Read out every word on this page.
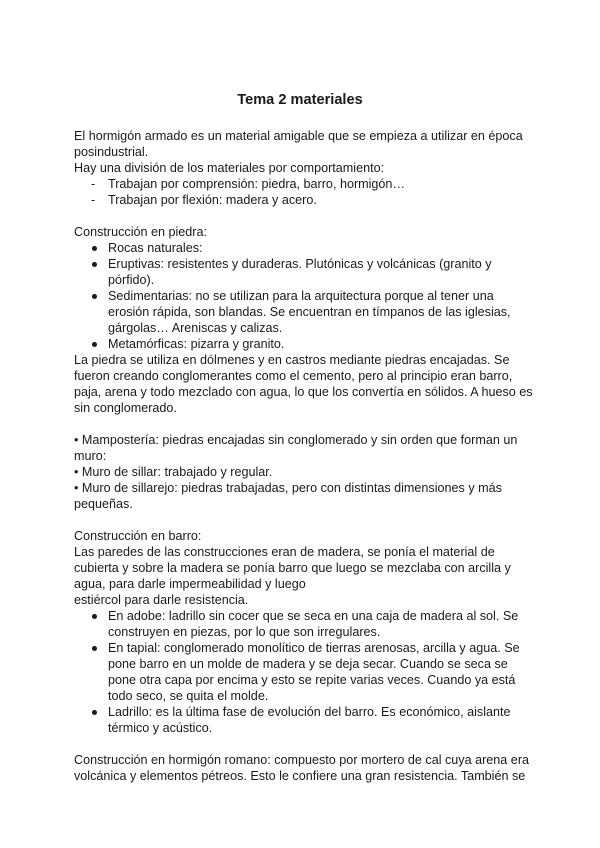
Tema 2 materiales

El hormigón armado es un material amigable que se empieza a utilizar en época posindustrial.

Hay una división de los materiales por comportamiento:

- Trabajan por comprensión: piedra, barro, hormigón…
- Trabajan por flexión: madera y acero.

Construcción en piedra:

Rocas naturales:
Eruptivas: resistentes y duraderas. Plutónicas y volcánicas (granito y pórfido).
Sedimentarias: no se utilizan para la arquitectura porque al tener una erosión rápida, son blandas. Se encuentran en tímpanos de las iglesias, gárgolas… Areniscas y calizas.
Metamórficas: pizarra y granito.

La piedra se utiliza en dólmenes y en castros mediante piedras encajadas. Se fueron creando conglomerantes como el cemento, pero al principio eran barro, paja, arena y todo mezclado con agua, lo que los convertía en sólidos. A hueso es sin conglomerado.

• Mampostería: piedras encajadas sin conglomerado y sin orden que forman un muro:

• Muro de sillar: trabajado y regular.

• Muro de sillarejo: piedras trabajadas, pero con distintas dimensiones y más pequeñas.

Construcción en barro:

Las paredes de las construcciones eran de madera, se ponía el material de cubierta y sobre la madera se ponía barro que luego se mezclaba con arcilla y agua, para darle impermeabilidad y luego

estiércol para darle resistencia.

En adobe: ladrillo sin cocer que se seca en una caja de madera al sol. Se construyen en piezas, por lo que son irregulares.
En tapial: conglomerado monolítico de tierras arenosas, arcilla y agua. Se pone barro en un molde de madera y se deja secar. Cuando se seca se pone otra capa por encima y esto se repite varias veces. Cuando ya está todo seco, se quita el molde.
Ladrillo: es la última fase de evolución del barro. Es económico, aislante térmico y acústico.

Construcción en hormigón romano: compuesto por mortero de cal cuya arena era volcánica y elementos pétreos. Esto le confiere una gran resistencia. También se
